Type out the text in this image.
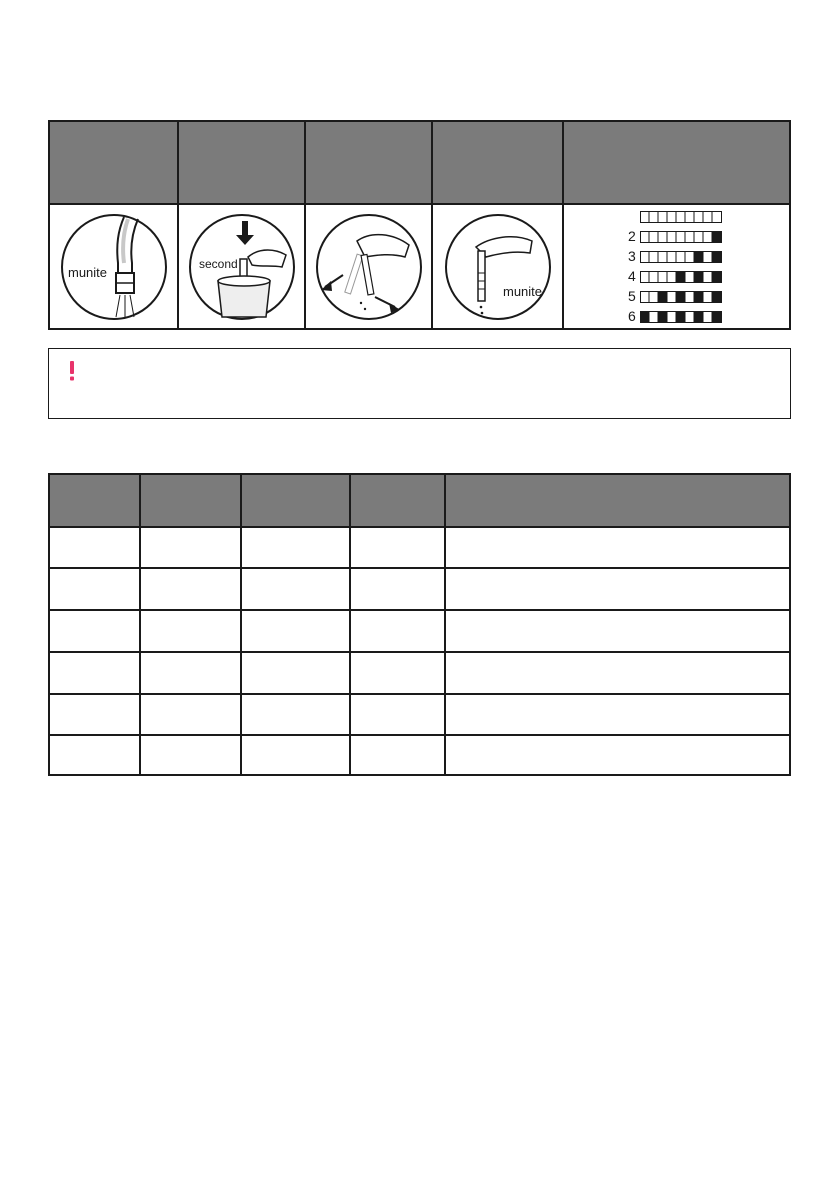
munite
second
munite
2
3
4
5
6
